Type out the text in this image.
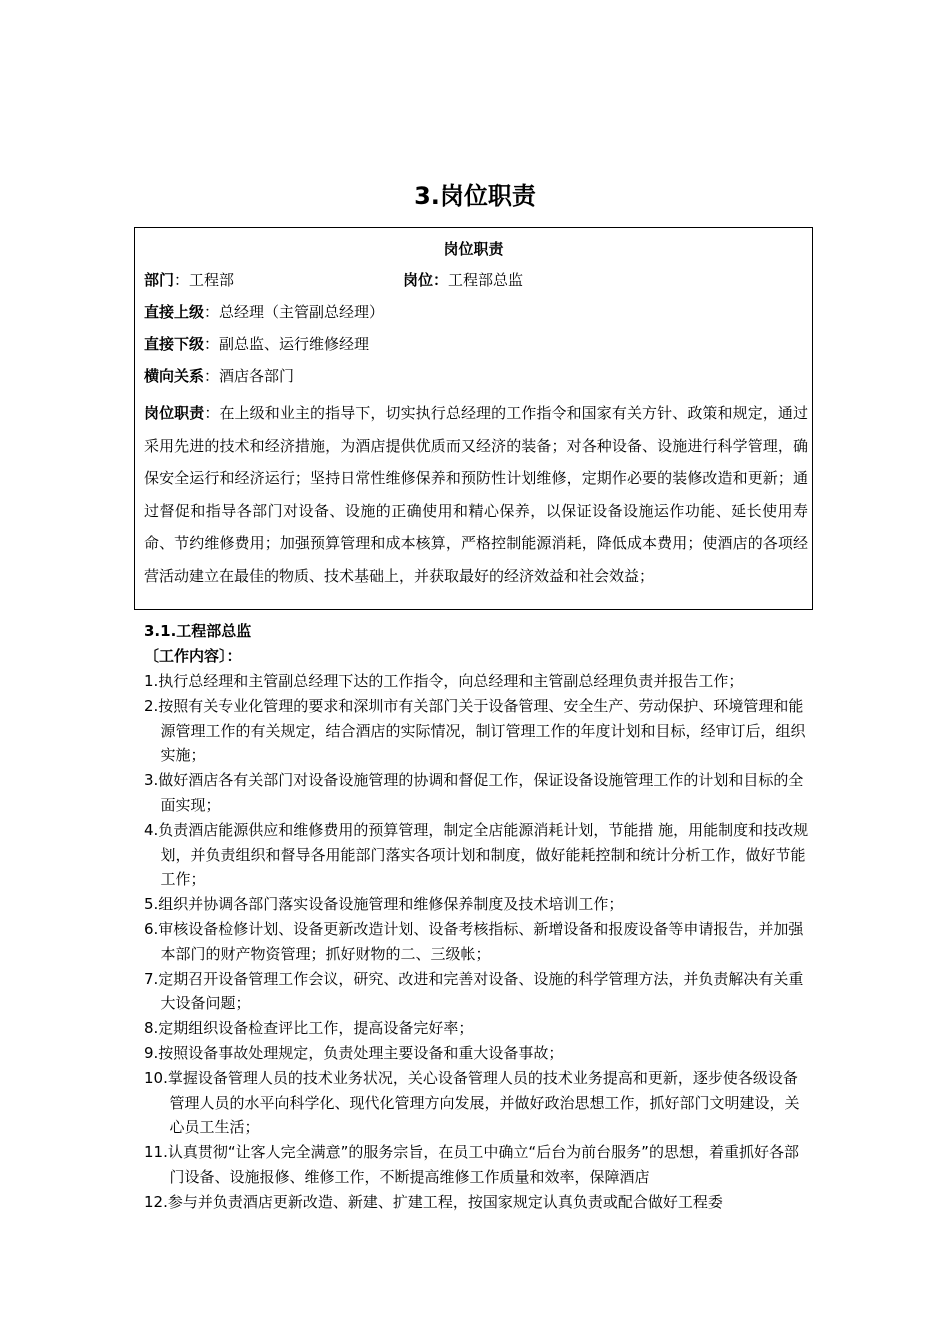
3.岗位职责
岗位职责
部门：工程部	岗位：工程部总监
直接上级：总经理（主管副总经理）
直接下级：副总监、运行维修经理
横向关系：酒店各部门
岗位职责：在上级和业主的指导下，切实执行总经理的工作指令和国家有关方针、政策和规定，通过采用先进的技术和经济措施，为酒店提供优质而又经济的装备；对各种设备、设施进行科学管理，确保安全运行和经济运行；坚持日常性维修保养和预防性计划维修，定期作必要的装修改造和更新；通过督促和指导各部门对设备、设施的正确使用和精心保养，以保证设备设施运作功能、延长使用寿命、节约维修费用；加强预算管理和成本核算，严格控制能源消耗，降低成本费用；使酒店的各项经营活动建立在最佳的物质、技术基础上，并获取最好的经济效益和社会效益；
3.1.工程部总监
〔工作内容〕：
1.执行总经理和主管副总经理下达的工作指令，向总经理和主管副总经理负责并报告工作；
2.按照有关专业化管理的要求和深圳市有关部门关于设备管理、安全生产、劳动保护、环境管理和能源管理工作的有关规定，结合酒店的实际情况，制订管理工作的年度计划和目标，经审订后，组织实施；
3.做好酒店各有关部门对设备设施管理的协调和督促工作，保证设备设施管理工作的计划和目标的全面实现；
4.负责酒店能源供应和维修费用的预算管理，制定全店能源消耗计划，节能措 施，用能制度和技改规划，并负责组织和督导各用能部门落实各项计划和制度，做好能耗控制和统计分析工作，做好节能工作；
5.组织并协调各部门落实设备设施管理和维修保养制度及技术培训工作；
6.审核设备检修计划、设备更新改造计划、设备考核指标、新增设备和报废设备等申请报告，并加强本部门的财产物资管理；抓好财物的二、三级帐；
7.定期召开设备管理工作会议，研究、改进和完善对设备、设施的科学管理方法，并负责解决有关重大设备问题；
8.定期组织设备检查评比工作，提高设备完好率；
9.按照设备事故处理规定，负责处理主要设备和重大设备事故；
10.掌握设备管理人员的技术业务状况，关心设备管理人员的技术业务提高和更新，逐步使各级设备管理人员的水平向科学化、现代化管理方向发展，并做好政治思想工作，抓好部门文明建设，关心员工生活；
11.认真贯彻“让客人完全满意”的服务宗旨，在员工中确立“后台为前台服务”的思想，着重抓好各部门设备、设施报修、维修工作，不断提高维修工作质量和效率，保障酒店
12.参与并负责酒店更新改造、新建、扩建工程，按国家规定认真负责或配合做好工程委
